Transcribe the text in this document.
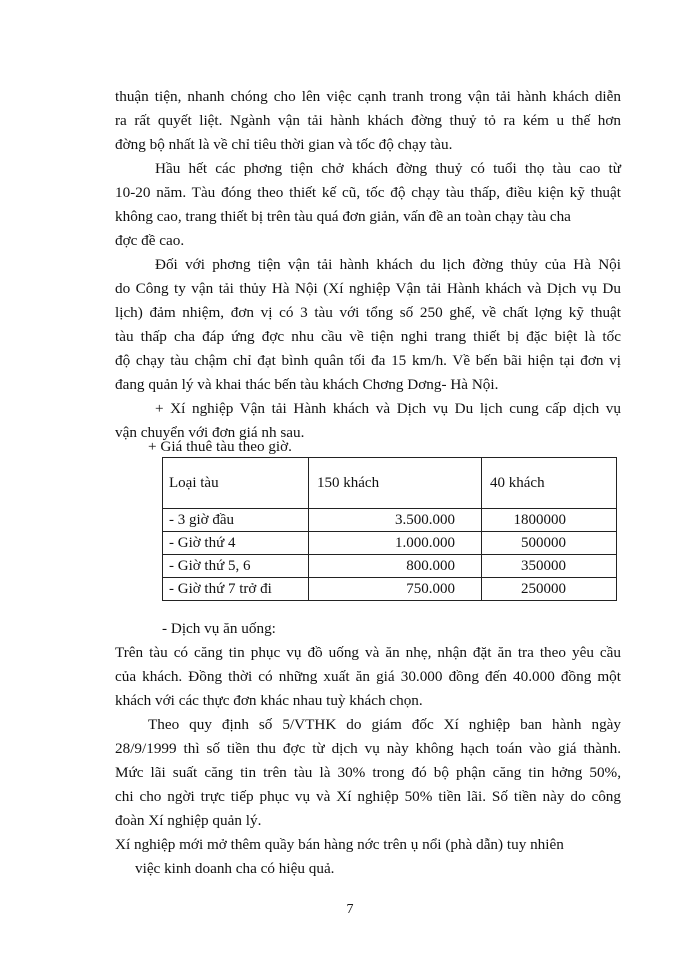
thuận tiện, nhanh chóng cho lên việc cạnh tranh trong vận tải hành khách diễn
ra rất quyết liệt. Ngành vận tải hành khách đờng thuỷ tỏ ra kém u thế hơn
đờng bộ nhất là về chỉ tiêu thời gian và tốc độ chạy tàu.
Hầu hết các phơng tiện chở khách đờng thuỷ có tuổi thọ tàu cao từ
10-20 năm. Tàu đóng theo thiết kế cũ, tốc độ chạy tàu thấp, điều kiện kỹ thuật
không cao, trang thiết bị trên tàu quá đơn giản, vấn đề an toàn chạy tàu cha
đợc đề cao.
Đối với phơng tiện vận tải hành khách du lịch đờng thủy của Hà Nội
do Công ty vận tải thủy Hà Nội (Xí nghiệp Vận tải Hành khách và Dịch vụ Du
lịch) đảm nhiệm, đơn vị có 3 tàu với tổng số 250 ghế, về chất lợng kỹ thuật
tàu thấp cha đáp ứng đợc nhu cầu về tiện nghi trang thiết bị đặc biệt là tốc
độ chạy tàu chậm chỉ đạt bình quân tối đa 15 km/h. Về bến bãi hiện tại đơn vị
đang quản lý và khai thác bến tàu khách Chơng Dơng- Hà Nội.
+ Xí nghiệp Vận tải Hành khách và Dịch vụ Du lịch cung cấp dịch vụ
vận chuyển với đơn giá nh sau.
+ Giá thuê tàu theo giờ.
Loại tàu	150 khách	40 khách
- 3 giờ đầu	3.500.000	1800000
- Giờ thứ 4	1.000.000	500000
- Giờ thứ 5, 6	800.000	350000
- Giờ thứ 7 trở đi	750.000	250000
- Dịch vụ ăn uống:
Trên tàu có căng tin phục vụ đồ uống và ăn nhẹ, nhận đặt ăn tra theo yêu cầu
của khách. Đồng thời có những xuất ăn giá 30.000 đồng đến 40.000 đồng một
khách với các thực đơn khác nhau tuỳ khách chọn.
Theo quy định số 5/VTHK do giám đốc Xí nghiệp ban hành ngày
28/9/1999 thì số tiền thu đợc từ dịch vụ này không hạch toán vào giá thành.
Mức lãi suất căng tin trên tàu là 30% trong đó bộ phận căng tin hởng 50%,
chi cho ngời trực tiếp phục vụ và Xí nghiệp 50% tiền lãi. Số tiền này do công
đoàn Xí nghiệp quản lý.
Xí nghiệp mới mở thêm quầy bán hàng nớc trên ụ nổi (phà dẫn) tuy nhiên
việc kinh doanh cha có hiệu quả.
7
